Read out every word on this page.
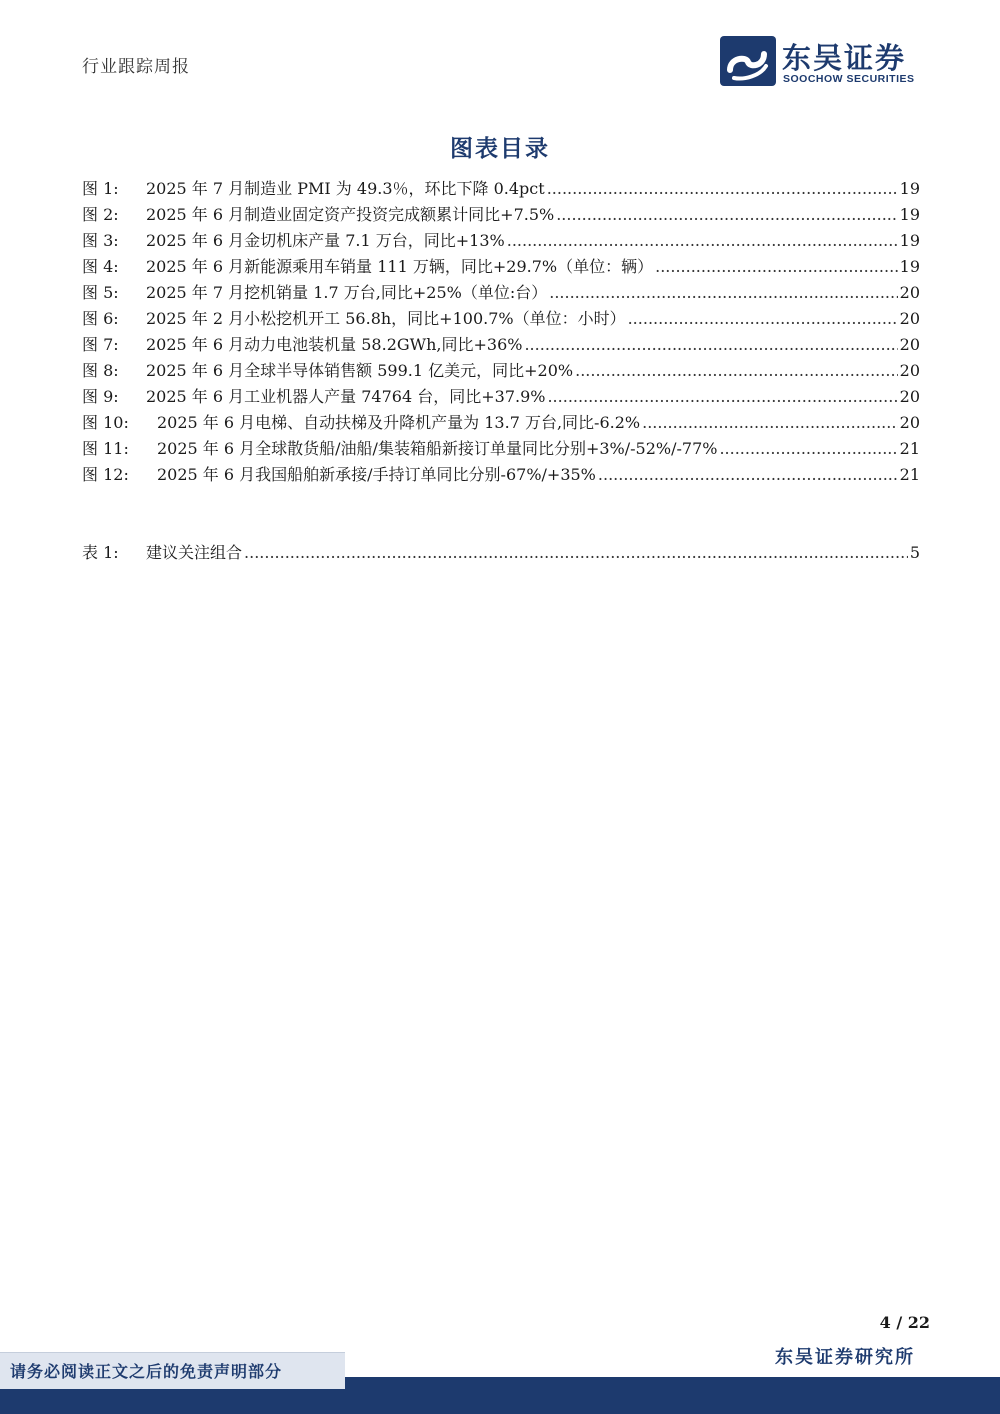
行业跟踪周报	东吴证券
SOOCHOW SECURITIES
图表目录
图 1:	2025 年 7 月制造业 PMI 为 49.3％，环比下降 0.4pct .....	19
图 2:	2025 年 6 月制造业固定资产投资完成额累计同比+7.5% .....	19
图 3:	2025 年 6 月金切机床产量 7.1 万台，同比+13% .....	19
图 4:	2025 年 6 月新能源乘用车销量 111 万辆，同比+29.7%（单位：辆） .....	19
图 5:	2025 年 7 月挖机销量 1.7 万台,同比+25%（单位:台） .....	20
图 6:	2025 年 2 月小松挖机开工 56.8h，同比+100.7%（单位：小时） .....	20
图 7:	2025 年 6 月动力电池装机量 58.2GWh,同比+36% .....	20
图 8:	2025 年 6 月全球半导体销售额 599.1 亿美元，同比+20% .....	20
图 9:	2025 年 6 月工业机器人产量 74764 台，同比+37.9% .....	20
图 10:	2025 年 6 月电梯、自动扶梯及升降机产量为 13.7 万台,同比-6.2% .....	20
图 11:	2025 年 6 月全球散货船/油船/集装箱船新接订单量同比分别+3%/-52%/-77% .....	21
图 12:	2025 年 6 月我国船舶新承接/手持订单同比分别-67%/+35% .....	21
表 1:	建议关注组合 .....	5
4 / 22
东吴证券研究所
请务必阅读正文之后的免责声明部分
